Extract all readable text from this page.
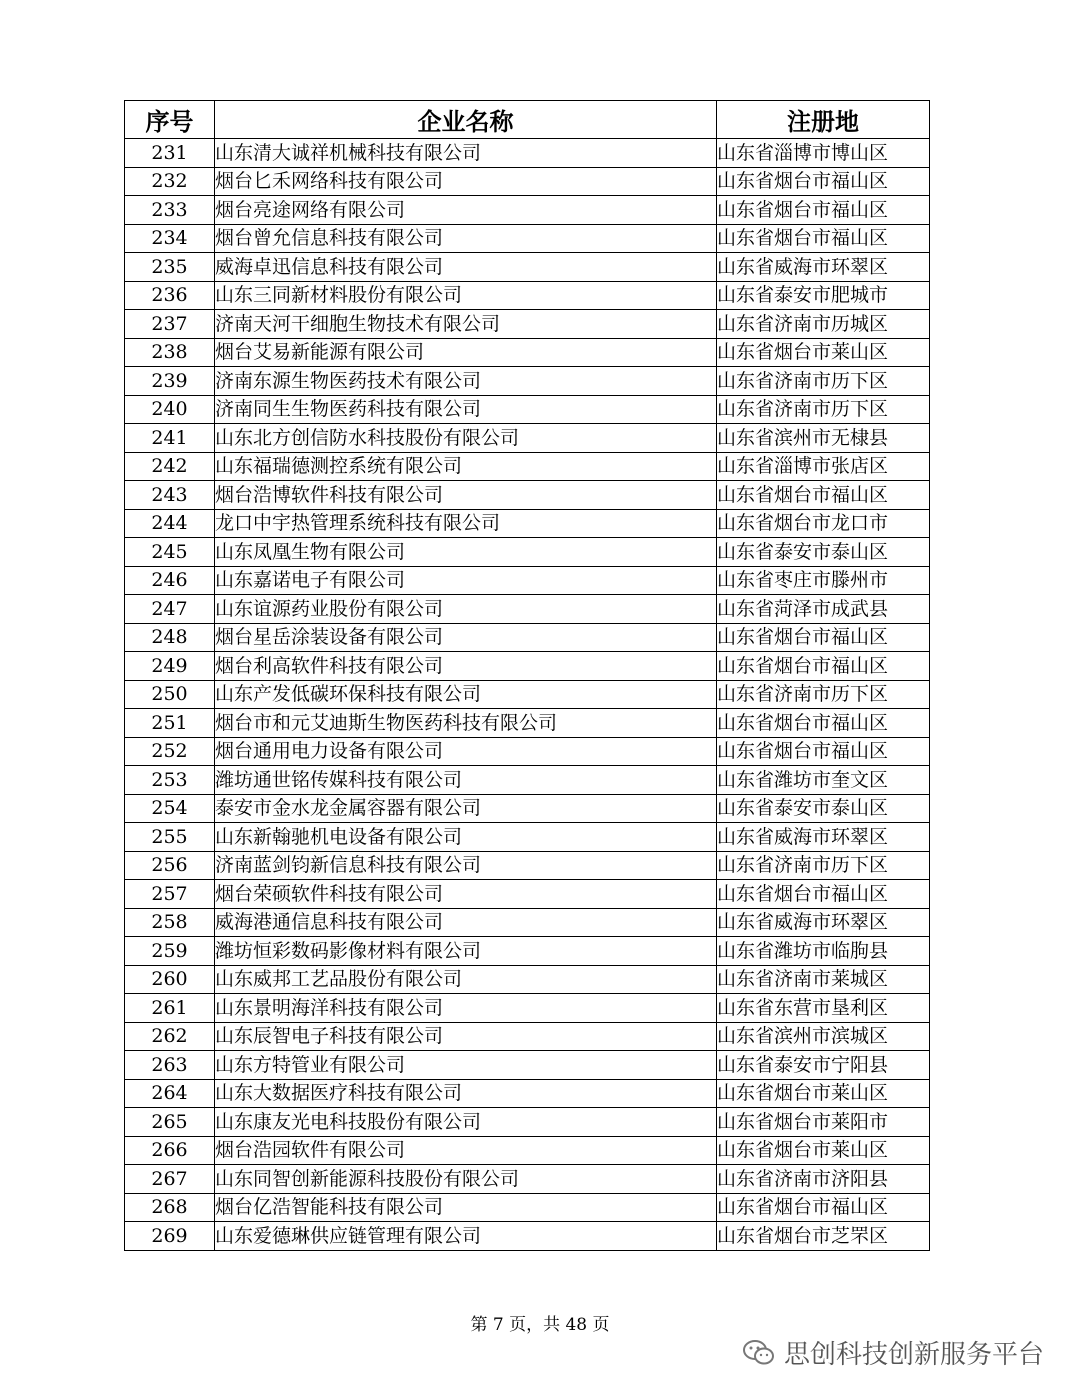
序号	企业名称	注册地
231	山东清大诚祥机械科技有限公司	山东省淄博市博山区
232	烟台匕禾网络科技有限公司	山东省烟台市福山区
233	烟台亮途网络有限公司	山东省烟台市福山区
234	烟台曾允信息科技有限公司	山东省烟台市福山区
235	威海卓迅信息科技有限公司	山东省威海市环翠区
236	山东三同新材料股份有限公司	山东省泰安市肥城市
237	济南天河干细胞生物技术有限公司	山东省济南市历城区
238	烟台艾易新能源有限公司	山东省烟台市莱山区
239	济南东源生物医药技术有限公司	山东省济南市历下区
240	济南同生生物医药科技有限公司	山东省济南市历下区
241	山东北方创信防水科技股份有限公司	山东省滨州市无棣县
242	山东福瑞德测控系统有限公司	山东省淄博市张店区
243	烟台浩博软件科技有限公司	山东省烟台市福山区
244	龙口中宇热管理系统科技有限公司	山东省烟台市龙口市
245	山东凤凰生物有限公司	山东省泰安市泰山区
246	山东嘉诺电子有限公司	山东省枣庄市滕州市
247	山东谊源药业股份有限公司	山东省菏泽市成武县
248	烟台星岳涂装设备有限公司	山东省烟台市福山区
249	烟台利高软件科技有限公司	山东省烟台市福山区
250	山东产发低碳环保科技有限公司	山东省济南市历下区
251	烟台市和元艾迪斯生物医药科技有限公司	山东省烟台市福山区
252	烟台通用电力设备有限公司	山东省烟台市福山区
253	潍坊通世铭传媒科技有限公司	山东省潍坊市奎文区
254	泰安市金水龙金属容器有限公司	山东省泰安市泰山区
255	山东新翰驰机电设备有限公司	山东省威海市环翠区
256	济南蓝剑钧新信息科技有限公司	山东省济南市历下区
257	烟台荣硕软件科技有限公司	山东省烟台市福山区
258	威海港通信息科技有限公司	山东省威海市环翠区
259	潍坊恒彩数码影像材料有限公司	山东省潍坊市临朐县
260	山东威邦工艺品股份有限公司	山东省济南市莱城区
261	山东景明海洋科技有限公司	山东省东营市垦利区
262	山东辰智电子科技有限公司	山东省滨州市滨城区
263	山东方特管业有限公司	山东省泰安市宁阳县
264	山东大数据医疗科技有限公司	山东省烟台市莱山区
265	山东康友光电科技股份有限公司	山东省烟台市莱阳市
266	烟台浩园软件有限公司	山东省烟台市莱山区
267	山东同智创新能源科技股份有限公司	山东省济南市济阳县
268	烟台亿浩智能科技有限公司	山东省烟台市福山区
269	山东爱德琳供应链管理有限公司	山东省烟台市芝罘区
第 7 页，共 48 页
思创科技创新服务平台
